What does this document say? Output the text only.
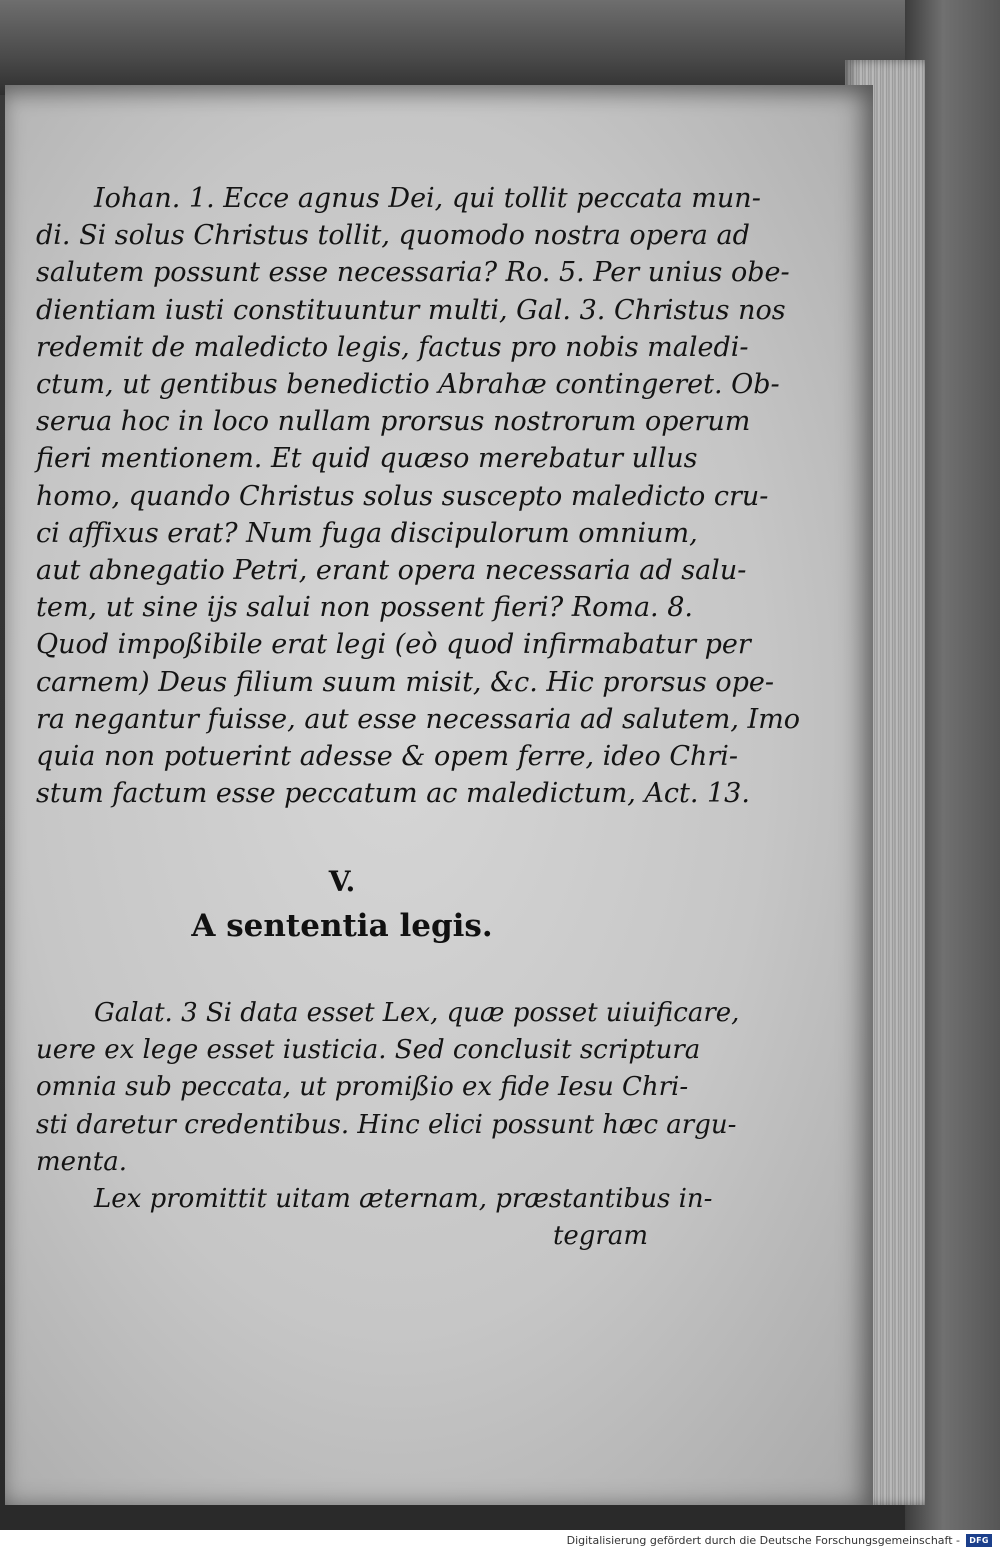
Iohan. 1. Ecce agnus Dei, qui tollit peccata mun-
di. Si solus Christus tollit, quomodo nostra opera ad
salutem possunt esse necessaria? Ro. 5. Per unius obe-
dientiam iusti constituuntur multi, Gal. 3. Christus nos
redemit de maledicto legis, factus pro nobis maledi-
ctum, ut gentibus benedictio Abrahæ contingeret. Ob-
serua hoc in loco nullam prorsus nostrorum operum
fieri mentionem. Et quid quæso merebatur ullus
homo, quando Christus solus suscepto maledicto cru-
ci affixus erat? Num fuga discipulorum omnium,
aut abnegatio Petri, erant opera necessaria ad salu-
tem, ut sine ijs salui non possent fieri? Roma. 8.
Quod impoßibile erat legi (eò quod infirmabatur per
carnem) Deus filium suum misit, &c. Hic prorsus ope-
ra negantur fuisse, aut esse necessaria ad salutem, Imo
quia non potuerint adesse & opem ferre, ideo Chri-
stum factum esse peccatum ac maledictum, Act. 13.

V.
A sententia legis.

Galat. 3 Si data esset Lex, quæ posset uiuificare,
uere ex lege esset iusticia. Sed conclusit scriptura
omnia sub peccata, ut promißio ex fide Iesu Chri-
sti daretur credentibus. Hinc elici possunt hæc argu-
menta.

Lex promittit uitam æternam, præstantibus in-
tegram

Digitalisierung gefördert durch die Deutsche Forschungsgemeinschaft -	DFG
